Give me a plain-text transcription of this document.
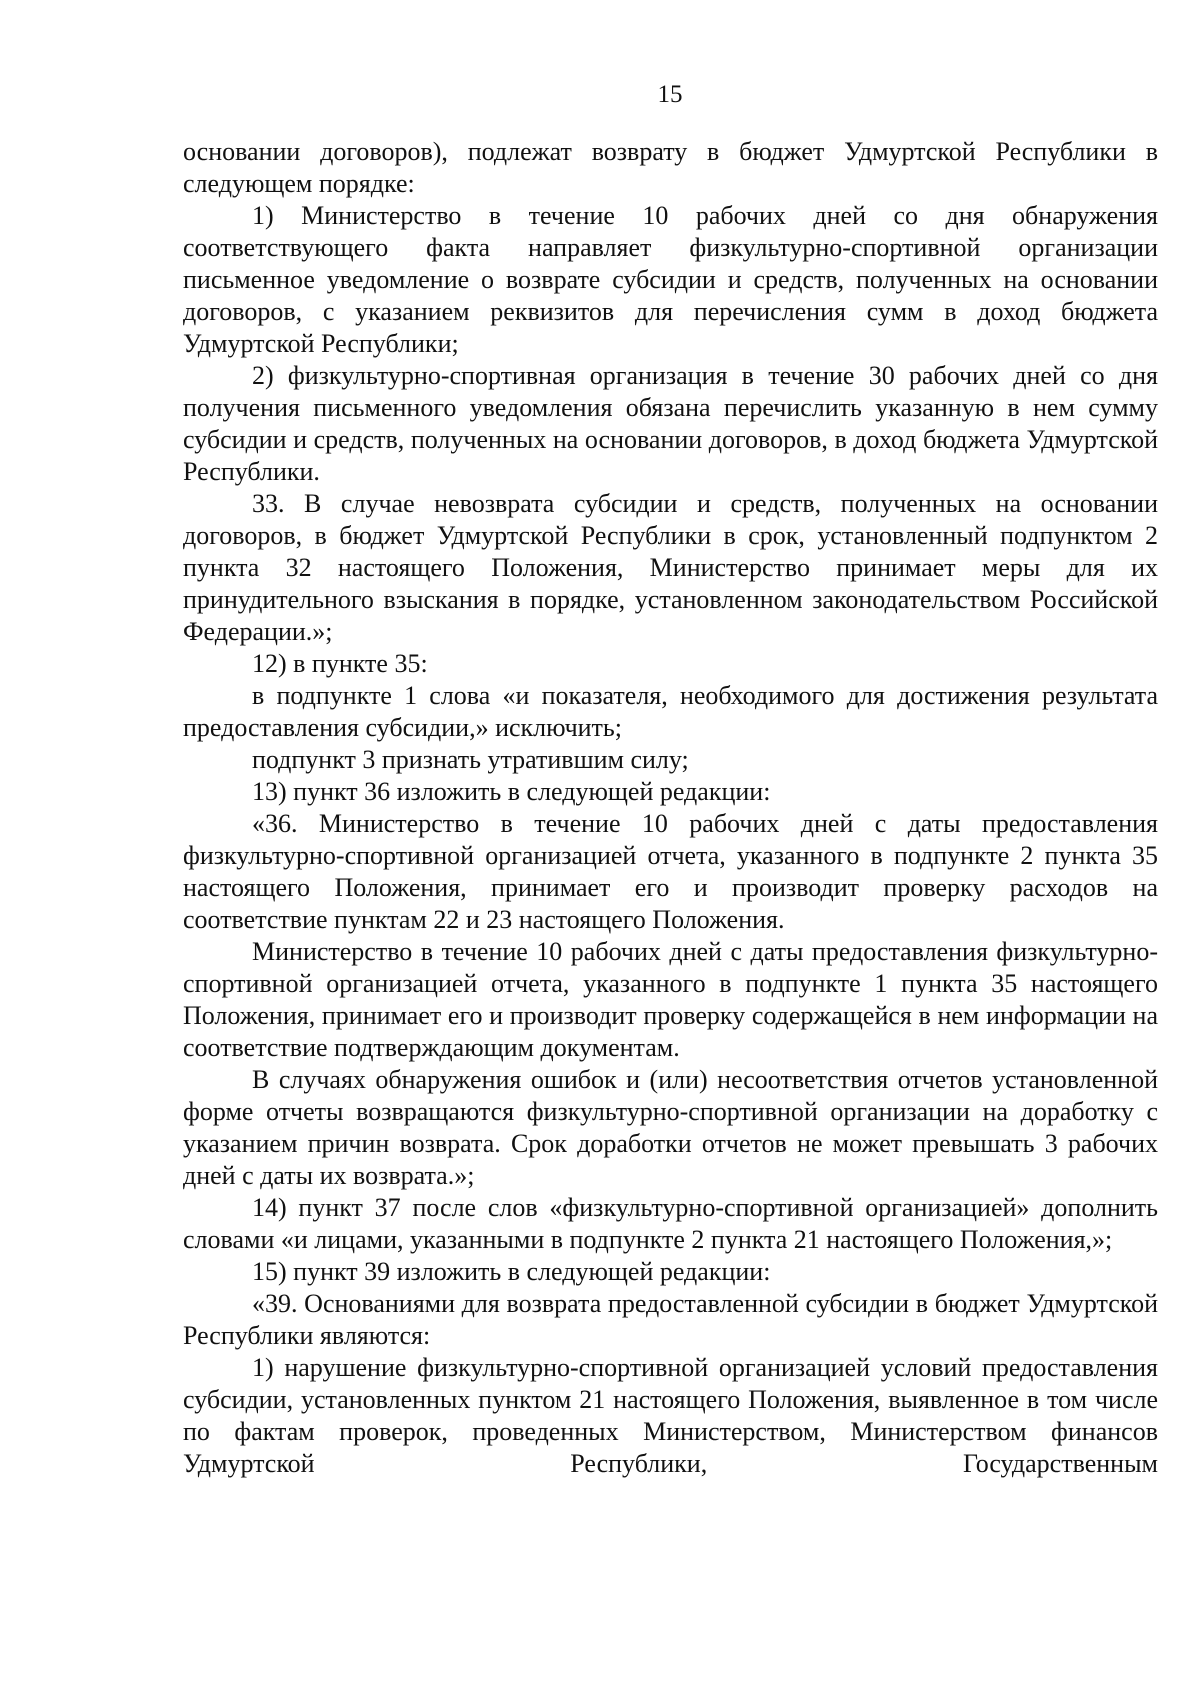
15

основании договоров), подлежат возврату в бюджет Удмуртской Республики в следующем порядке:

1) Министерство в течение 10 рабочих дней со дня обнаружения соответствующего факта направляет физкультурно-спортивной организации письменное уведомление о возврате субсидии и средств, полученных на основании договоров, с указанием реквизитов для перечисления сумм в доход бюджета Удмуртской Республики;

2) физкультурно-спортивная организация в течение 30 рабочих дней со дня получения письменного уведомления обязана перечислить указанную в нем сумму субсидии и средств, полученных на основании договоров, в доход бюджета Удмуртской Республики.

33. В случае невозврата субсидии и средств, полученных на основании договоров, в бюджет Удмуртской Республики в срок, установленный подпунктом 2 пункта 32 настоящего Положения, Министерство принимает меры для их принудительного взыскания в порядке, установленном законодательством Российской Федерации.»;

12) в пункте 35:

в подпункте 1 слова «и показателя, необходимого для достижения результата предоставления субсидии,» исключить;

подпункт 3 признать утратившим силу;

13) пункт 36 изложить в следующей редакции:

«36. Министерство в течение 10 рабочих дней с даты предоставления физкультурно-спортивной организацией отчета, указанного в подпункте 2 пункта 35 настоящего Положения, принимает его и производит проверку расходов на соответствие пунктам 22 и 23 настоящего Положения.

Министерство в течение 10 рабочих дней с даты предоставления физкультурно-спортивной организацией отчета, указанного в подпункте 1 пункта 35 настоящего Положения, принимает его и производит проверку содержащейся в нем информации на соответствие подтверждающим документам.

В случаях обнаружения ошибок и (или) несоответствия отчетов установленной форме отчеты возвращаются физкультурно-спортивной организации на доработку с указанием причин возврата. Срок доработки отчетов не может превышать 3 рабочих дней с даты их возврата.»;

14) пункт 37 после слов «физкультурно-спортивной организацией» дополнить словами «и лицами, указанными в подпункте 2 пункта 21 настоящего Положения,»;

15) пункт 39 изложить в следующей редакции:

«39. Основаниями для возврата предоставленной субсидии в бюджет Удмуртской Республики являются:

1) нарушение физкультурно-спортивной организацией условий предоставления субсидии, установленных пунктом 21 настоящего Положения, выявленное в том числе по фактам проверок, проведенных Министерством, Министерством финансов Удмуртской Республики, Государственным
